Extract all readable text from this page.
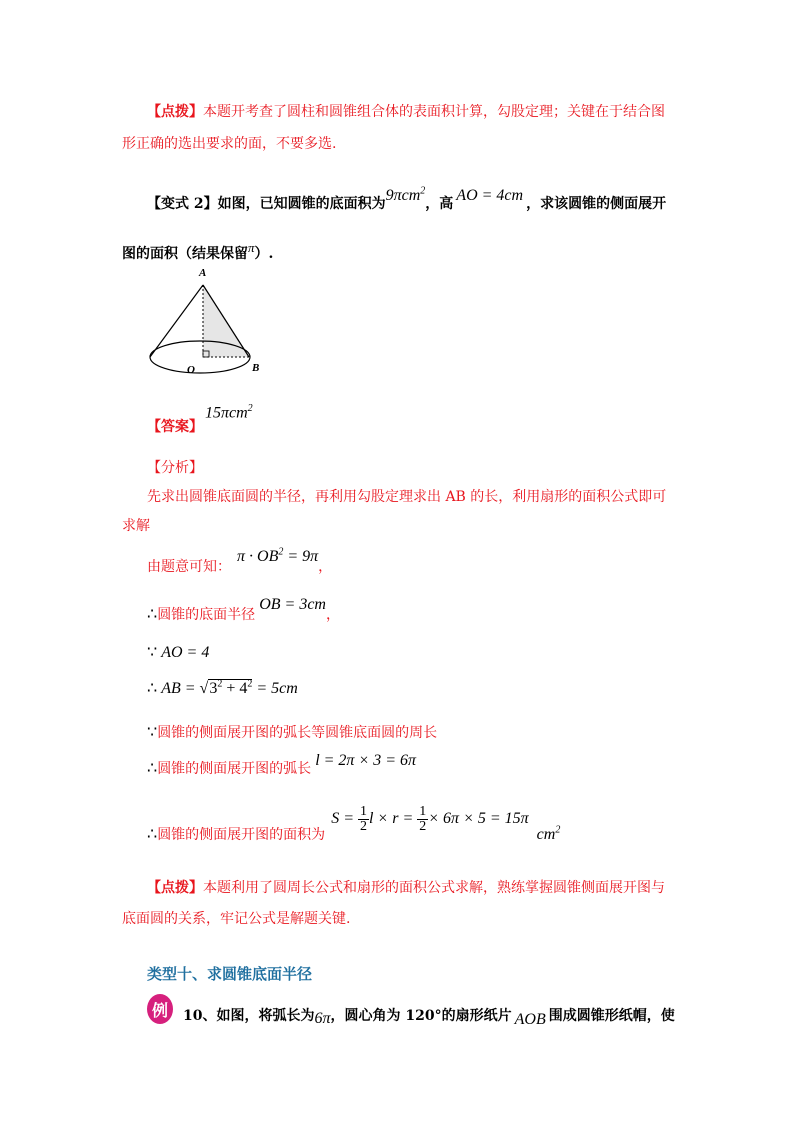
【点拨】本题开考查了圆柱和圆锥组合体的表面积计算，勾股定理；关键在于结合图
形正确的选出要求的面，不要多选.
【变式 2】如图，已知圆锥的底面积为9πcm$^2$，高 AO = 4cm ，求该圆锥的侧面展开
图的面积（结果保留π）.
A
O	B
【答案】
15πcm$^2$
【分析】
先求出圆锥底面圆的半径，再利用勾股定理求出 AB 的长，利用扇形的面积公式即可
求解
由题意可知：$\pi \cdot OB^2 = 9\pi$，
∴圆锥的底面半径OB = 3cm，
∵ AO = 4
∴ AB = $√3^2 + 4^2 = 5cm$
∵圆锥的侧面展开图的弧长等圆锥底面圆的周长
∴圆锥的侧面展开图的弧长 l = 2π × 3 = 6π
∴圆锥的侧面展开图的面积为$S = \frac{1}{2}$ $l \times r = \frac{1}{2} \times 6\pi \times 5 = 15\pi cm^2$
【点拨】本题利用了圆周长公式和扇形的面积公式求解，熟练掌握圆锥侧面展开图与
底面圆的关系，牢记公式是解题关键.
类型十、求圆锥底面半径
例	10、如图，将弧长为6π，圆心角为 120°的扇形纸片 AOB 围成圆锥形纸帽，使
